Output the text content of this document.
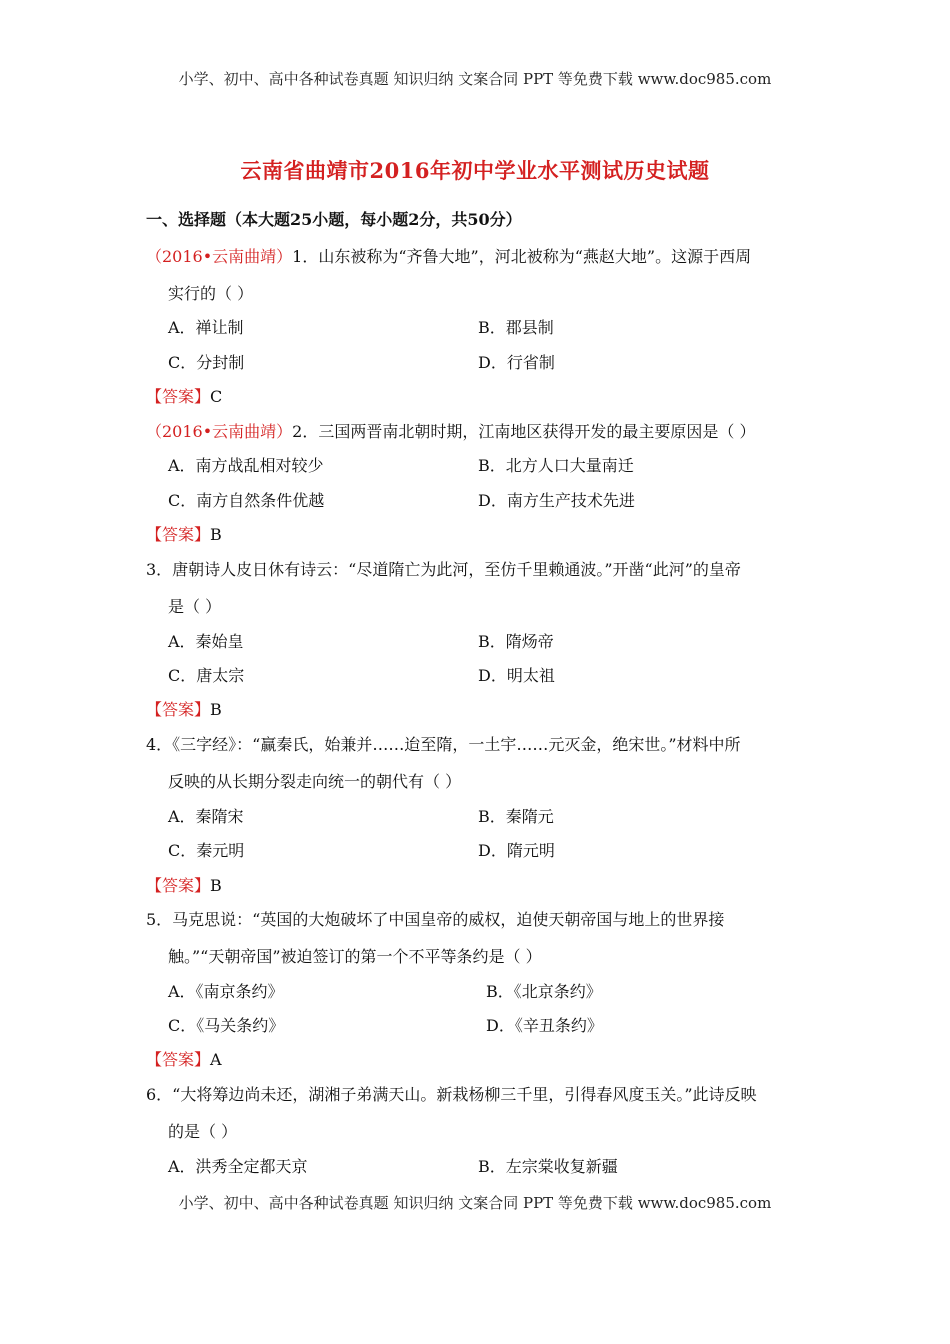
小学、初中、高中各种试卷真题 知识归纳 文案合同 PPT 等免费下载 www.doc985.com
云南省曲靖市2016年初中学业水平测试历史试题
一、选择题（本大题25小题，每小题2分，共50分）
（2016•云南曲靖）1．山东被称为“齐鲁大地”，河北被称为“燕赵大地”。这源于西周
实行的（ ）
A．禅让制	B．郡县制
C．分封制	D．行省制
【答案】C
（2016•云南曲靖）2．三国两晋南北朝时期，江南地区获得开发的最主要原因是（ ）
A．南方战乱相对较少	B．北方人口大量南迁
C．南方自然条件优越	D．南方生产技术先进
【答案】B
3．唐朝诗人皮日休有诗云：“尽道隋亡为此河，至仿千里赖通波。”开凿“此河”的皇帝
是（ ）
A．秦始皇	B．隋炀帝
C．唐太宗	D．明太祖
【答案】B
4．《三字经》：“赢秦氏，始兼并……迨至隋，一土宇……元灭金，绝宋世。”材料中所
反映的从长期分裂走向统一的朝代有（ ）
A．秦隋宋	B．秦隋元
C．秦元明	D．隋元明
【答案】B
5．马克思说：“英国的大炮破坏了中国皇帝的威权，迫使天朝帝国与地上的世界接
触。”“天朝帝国”被迫签订的第一个不平等条约是（ ）
A．《南京条约》	B．《北京条约》
C．《马关条约》	D．《辛丑条约》
【答案】A
6．“大将筹边尚未还，湖湘子弟满天山。新栽杨柳三千里，引得春风度玉关。”此诗反映
的是（ ）
A．洪秀全定都天京	B．左宗棠收复新疆
小学、初中、高中各种试卷真题 知识归纳 文案合同 PPT 等免费下载 www.doc985.com
